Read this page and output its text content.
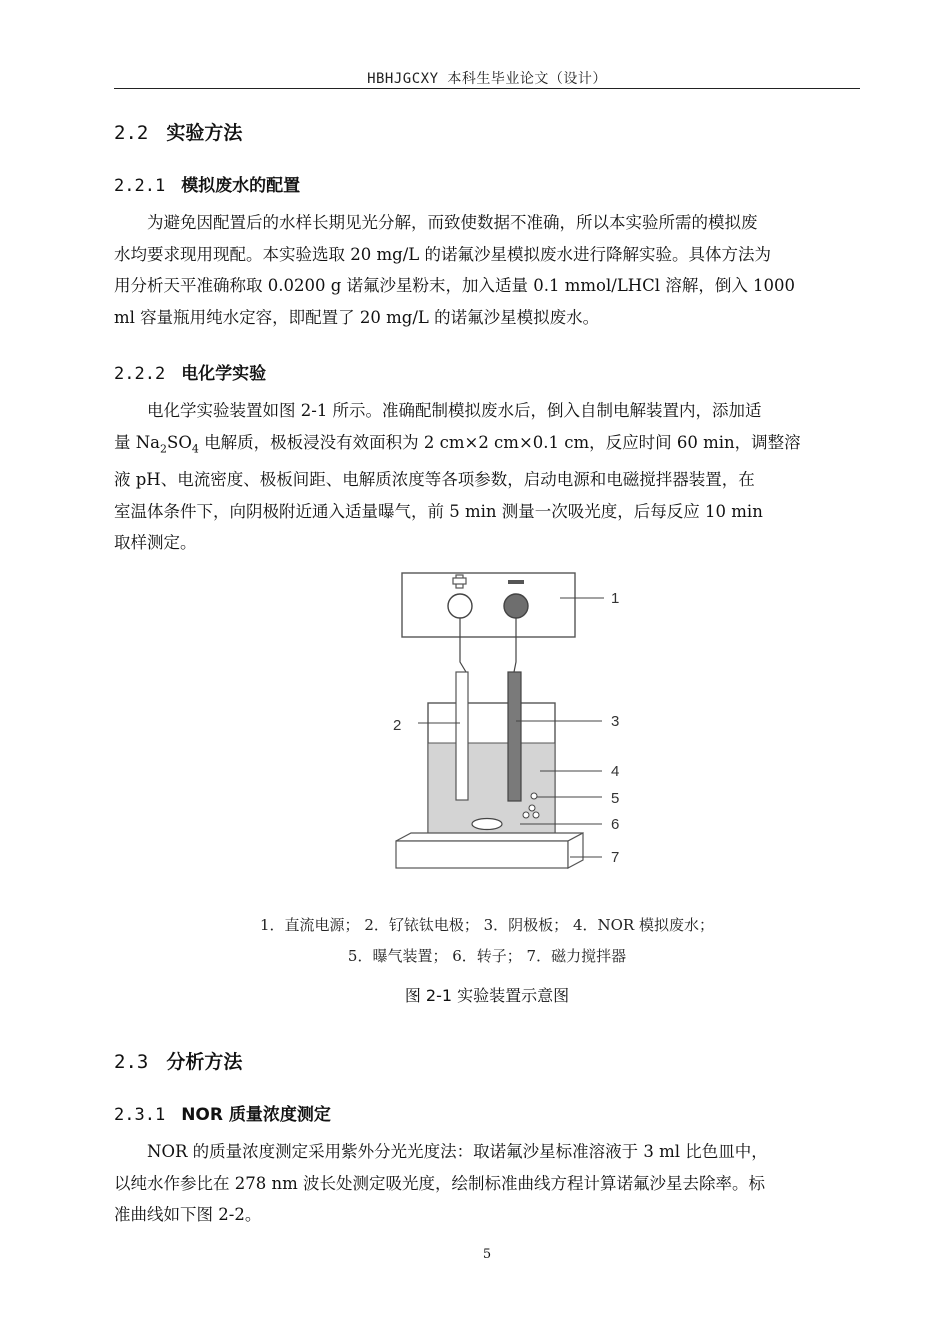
HBHJGCXY 本科生毕业论文（设计）
2.2 实验方法
2.2.1 模拟废水的配置
为避免因配置后的水样长期见光分解，而致使数据不准确，所以本实验所需的模拟废
水均要求现用现配。本实验选取 20 mg/L 的诺氟沙星模拟废水进行降解实验。具体方法为
用分析天平准确称取 0.0200 g 诺氟沙星粉末，加入适量 0.1 mmol/LHCl 溶解，倒入 1000
ml 容量瓶用纯水定容，即配置了 20 mg/L 的诺氟沙星模拟废水。
2.2.2 电化学实验
电化学实验装置如图 2-1 所示。准确配制模拟废水后，倒入自制电解装置内，添加适
量 $Na_2SO_4$ 电解质，极板浸没有效面积为 2 cm×2 cm×0.1 cm，反应时间 60 min，调整溶
液 pH、电流密度、极板间距、电解质浓度等各项参数，启动电源和电磁搅拌器装置，在
室温体条件下，向阴极附近通入适量曝气，前 5 min 测量一次吸光度，后每反应 10 min
取样测定。
1
2	3
4
5
6
7
1．直流电源； 2．钌铱钛电极； 3．阴极板； 4．NOR 模拟废水；
5．曝气装置； 6．转子； 7．磁力搅拌器
图 2-1 实验装置示意图
2.3 分析方法
2.3.1 NOR 质量浓度测定
NOR 的质量浓度测定采用紫外分光光度法：取诺氟沙星标准溶液于 3 ml 比色皿中，
以纯水作参比在 278 nm 波长处测定吸光度，绘制标准曲线方程计算诺氟沙星去除率。标
准曲线如下图 2-2。
5
